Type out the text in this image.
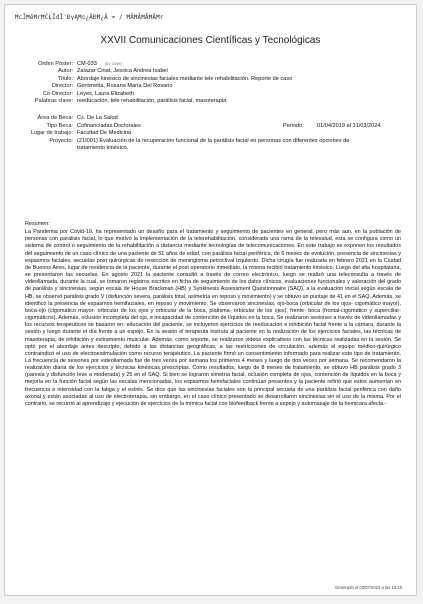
ĦcĴĦěĦrĦĊĻĨdĨ'ĐγĄĦc¿ĂĐĦ¿Ă ≈ / ĦĀĦĀĦĀĦĀĦr
XXVII Comunicaciones Científicas y Tecnológicas
Orden Póster: CM-033 (ID: 2295)
Autor: Zalazar Cinat, Jessica Andrea Isabel
Título: Abordaje kinésico de sincinesias faciales mediante tele rehabilitación. Reporte de caso
Director: Gerometta, Rosana María Del Rosario
Co-Director: Leyes, Laura Elizabeth
Palabras clave: reeducación, tele rehabilitación, parálisis facial, masoterapia
Área de Beca: Cs. De La Salud
Tipo Beca: Cofinanciadas Doctorales	Periodo: 01/04/2019 al 31/03/2024
Lugar de trabajo: Facultad De Medicina
Proyecto: (21I001) Evaluación de la recuperación funcional de la parálisis facial en personas con diferentes opciones de tratamiento kinésico.
Resumen:
La Pandemia por Covid-19, ha representado un desafío para el tratamiento y seguimiento de pacientes en general, pero más aun, en la población de personas con parálisis facial, lo que motivó la implementación de la telerehabilitación, considerada una rama de la telesalud, esta se configura como un sistema de control o seguimiento de la rehabilitación a distancia mediante tecnologías de telecomunicaciones. En este trabajo se exponen los resultados del seguimiento de un caso clínico de una paciente de 51 años de edad, con parálisis facial periférica, de 6 meses de evolución, presencia de sincinesias y espasmos faciales, secuelas post quirúrgicas de resección de meningioma petroclival izquierdo. Dicha cirugía fue realizada en febrero 2021 en la Ciudad de Buenos Aires, lugar de residencia de la paciente, durante el post operatorio inmediato, la misma recibió tratamiento kinésico. Luego del alta hospitalaria, se presentaron las secuelas. En agosto 2021 la paciente consultó a través de correo electrónico, luego se realizó una teleconsulta a través de videollamada, durante la cual, se tomaron registros escritos en ficha de seguimiento de los datos clínicos, evaluaciones funcionales y valoración del grado de parálisis y sincinesias, según escala de House Brackman (HB) y Synkinesis Assessment Questionnaire (SAQ), a la evaluación inicial según escala de HB, se observó parálisis grado V (disfunción severa, parálisis total, asimetría en reposo y movimiento) y se obtuvo un puntaje de 41 en el SAQ. Además, se identificó la presencia de espasmos hemifaciales, en reposo y movimiento. Se observaron sincinesias, ojo-boca (orbicular de los ojos- cigomático mayor), boca-ojo (cigomático mayor- orbicular de los ojos y orbicular de la boca, platisma- orbicular de los ojos), frente- boca (frontal-cigomático y superciliar-cigomáticos). Además, oclusión incompleta del ojo, e incapacidad de contención de líquidos en la boca. Se realizaron sesiones a través de videollamadas y los recursos terapéuticos se basaron en: educación del paciente, se incluyeron ejercicios de reeducación e inhibición facial frente a la cámara, durante la sesión y luego durante el día frente a un espejo. En la sesión el terapeuta instruía al paciente en la realización de los ejercicios faciales, las técnicas de masoterapia, de inhibición y estiramiento muscular. Además, como soporte, se realizaron videos explicativos con las técnicas realizadas en la sesión. Se optó por el abordaje antes descripto, debido a las distancias geográficas, a las restricciones de circulación, además el equipo médico-quirúrgico contraindicó el uso de electroestimulación como recurso terapéutico. La paciente firmó un consentimiento informado para realizar este tipo de tratamiento. La frecuencia de sesiones por videollamada fue de tres veces por semana los primeros 4 meses y luego de dos veces por semana. Se recomendaron la realización diaria de los ejercicios y técnicas kinésicas prescriptas. Como resultados, luego de 8 meses de tratamiento, se obtuvo HB parálisis grado 3 (paresia y disfunción leve a moderada) y 25 en el SAQ. Si bien se lograron simetría facial, oclusión completa de ojos, contención de líquidos en la boca y mejoría en la función facial según las escalas mencionadas, los espasmos hemifaciales continúan presentes y la paciente refirió que estos aumentan en frecuencia e intensidad con la fatiga y el estrés. Se dice que las sincinesias faciales son la principal secuela de una parálisis facial periférica con daño axonal y están asociadas al uso de electroterapia, sin embargo, en el caso clínico presentado se desarrollaron sincinesias sin el uso de la misma. Por el contrario, se recurrió al aprendizaje y ejecución de ejercicios de la mímica facial con biofeedback frente a espejo y automasaje de la hemicara afecta.-
Generado el 03/07/2023 a las 13:15
